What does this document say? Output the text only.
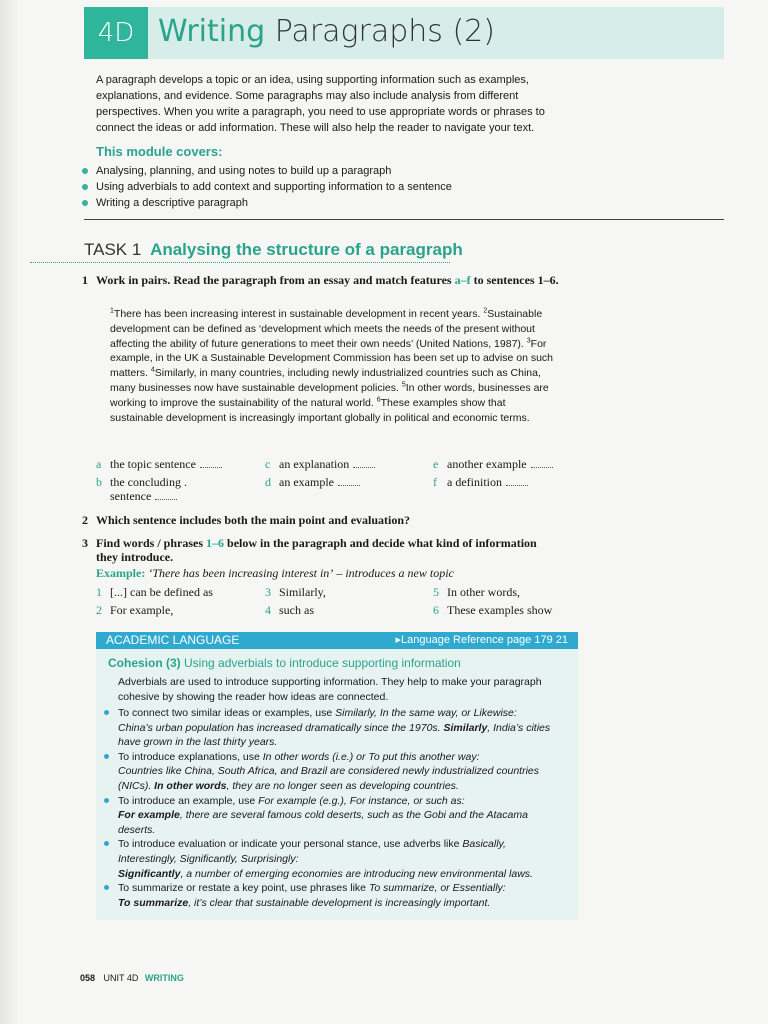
4D Writing Paragraphs (2)

A paragraph develops a topic or an idea, using supporting information such as examples, explanations, and evidence. Some paragraphs may also include analysis from different perspectives. When you write a paragraph, you need to use appropriate words or phrases to connect the ideas or add information. These will also help the reader to navigate your text.

This module covers:
Analysing, planning, and using notes to build up a paragraph
Using adverbials to add context and supporting information to a sentence
Writing a descriptive paragraph
TASK 1 Analysing the structure of a paragraph
1 Work in pairs. Read the paragraph from an essay and match features a–f to sentences 1–6.

$^1$There has been increasing interest in sustainable development in recent years. $^2$Sustainable development can be defined as ‘development which meets the needs of the present without affecting the ability of future generations to meet their own needs’ (United Nations, 1987). $^3$For example, in the UK a Sustainable Development Commission has been set up to advise on such matters. $^4$Similarly, in many countries, including newly industrialized countries such as China, many businesses now have sustainable development policies. $^5$In other words, businesses are working to improve the sustainability of the natural world. $^6$These examples show that sustainable development is increasingly important globally in political and economic terms.

a the topic sentence
b the concluding .
sentence
c an explanation
d an example
e another example
f a definition
2 Which sentence includes both the main point and evaluation?
3 Find words / phrases 1–6 below in the paragraph and decide what kind of information
they introduce.
Example: ‘There has been increasing interest in’ – introduces a new topic
1 [...] can be defined as
2 For example,
3 Similarly,
4 such as
5 In other words,
6 These examples show
ACADEMIC LANGUAGE	▸Language Reference page 179 21
Cohesion (3) Using adverbials to introduce supporting information

Adverbials are used to introduce supporting information. They help to make your paragraph cohesive by showing the reader how ideas are connected.

To connect two similar ideas or examples, use Similarly, In the same way, or Likewise:
China’s urban population has increased dramatically since the 1970s. Similarly, India’s cities have grown in the last thirty years.
To introduce explanations, use In other words (i.e.) or To put this another way:
Countries like China, South Africa, and Brazil are considered newly industrialized countries (NICs). In other words, they are no longer seen as developing countries.
To introduce an example, use For example (e.g.), For instance, or such as:
For example, there are several famous cold deserts, such as the Gobi and the Atacama deserts.
To introduce evaluation or indicate your personal stance, use adverbs like Basically, Interestingly, Significantly, Surprisingly:
Significantly, a number of emerging economies are introducing new environmental laws.
To summarize or restate a key point, use phrases like To summarize, or Essentially:
To summarize, it’s clear that sustainable development is increasingly important.
058 UNIT 4D WRITING
